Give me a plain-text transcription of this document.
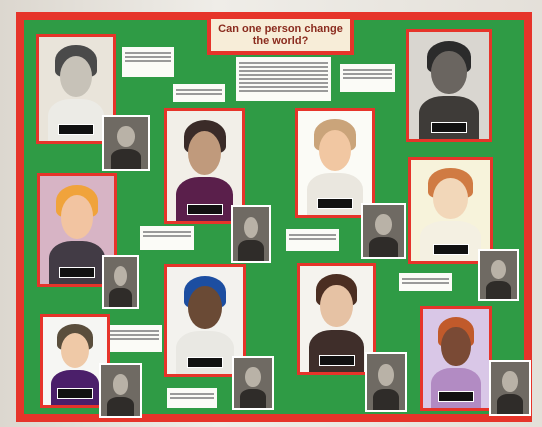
Can one person change the world?
